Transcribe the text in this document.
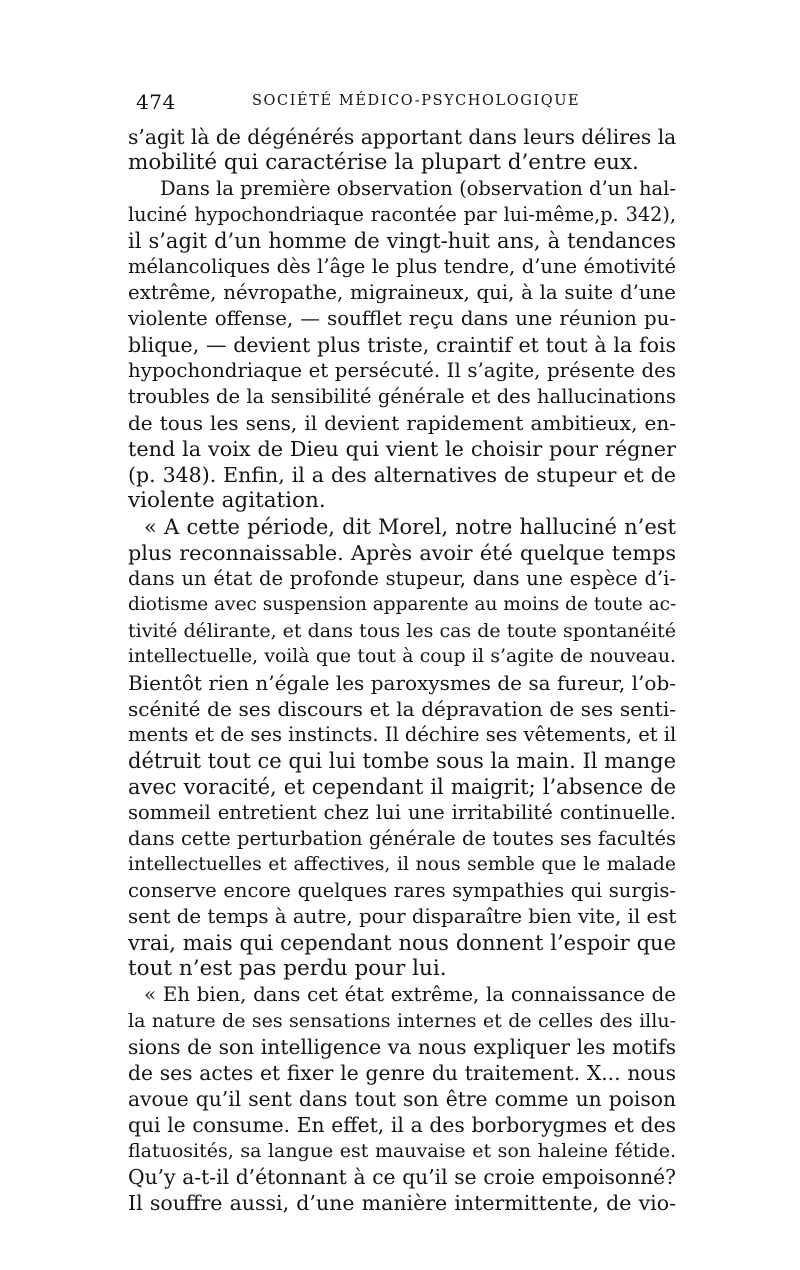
474	SOCIÉTÉ MÉDICO-PSYCHOLOGIQUE
s’agit là de dégénérés apportant dans leurs délires la
mobilité qui caractérise la plupart d’entre eux.
Dans la première observation (observation d’un hal-
luciné hypochondriaque racontée par lui-même,p. 342),
il s’agit d’un homme de vingt-huit ans, à tendances
mélancoliques dès l’âge le plus tendre, d’une émotivité
extrême, névropathe, migraineux, qui, à la suite d’une
violente offense, — soufflet reçu dans une réunion pu-
blique, — devient plus triste, craintif et tout à la fois
hypochondriaque et persécuté. Il s’agite, présente des
troubles de la sensibilité générale et des hallucinations
de tous les sens, il devient rapidement ambitieux, en-
tend la voix de Dieu qui vient le choisir pour régner
(p. 348). Enfin, il a des alternatives de stupeur et de
violente agitation.
« A cette période, dit Morel, notre halluciné n’est
plus reconnaissable. Après avoir été quelque temps
dans un état de profonde stupeur, dans une espèce d’i-
diotisme avec suspension apparente au moins de toute ac-
tivité délirante, et dans tous les cas de toute spontanéité
intellectuelle, voilà que tout à coup il s’agite de nouveau.
Bientôt rien n’égale les paroxysmes de sa fureur, l’ob-
scénité de ses discours et la dépravation de ses senti-
ments et de ses instincts. Il déchire ses vêtements, et il
détruit tout ce qui lui tombe sous la main. Il mange
avec voracité, et cependant il maigrit; l’absence de
sommeil entretient chez lui une irritabilité continuelle.
dans cette perturbation générale de toutes ses facultés
intellectuelles et affectives, il nous semble que le malade
conserve encore quelques rares sympathies qui surgis-
sent de temps à autre, pour disparaître bien vite, il est
vrai, mais qui cependant nous donnent l’espoir que
tout n’est pas perdu pour lui.
« Eh bien, dans cet état extrême, la connaissance de
la nature de ses sensations internes et de celles des illu-
sions de son intelligence va nous expliquer les motifs
de ses actes et fixer le genre du traitement. X... nous
avoue qu’il sent dans tout son être comme un poison
qui le consume. En effet, il a des borborygmes et des
flatuosités, sa langue est mauvaise et son haleine fétide.
Qu’y a-t-il d’étonnant à ce qu’il se croie empoisonné?
Il souffre aussi, d’une manière intermittente, de vio-
